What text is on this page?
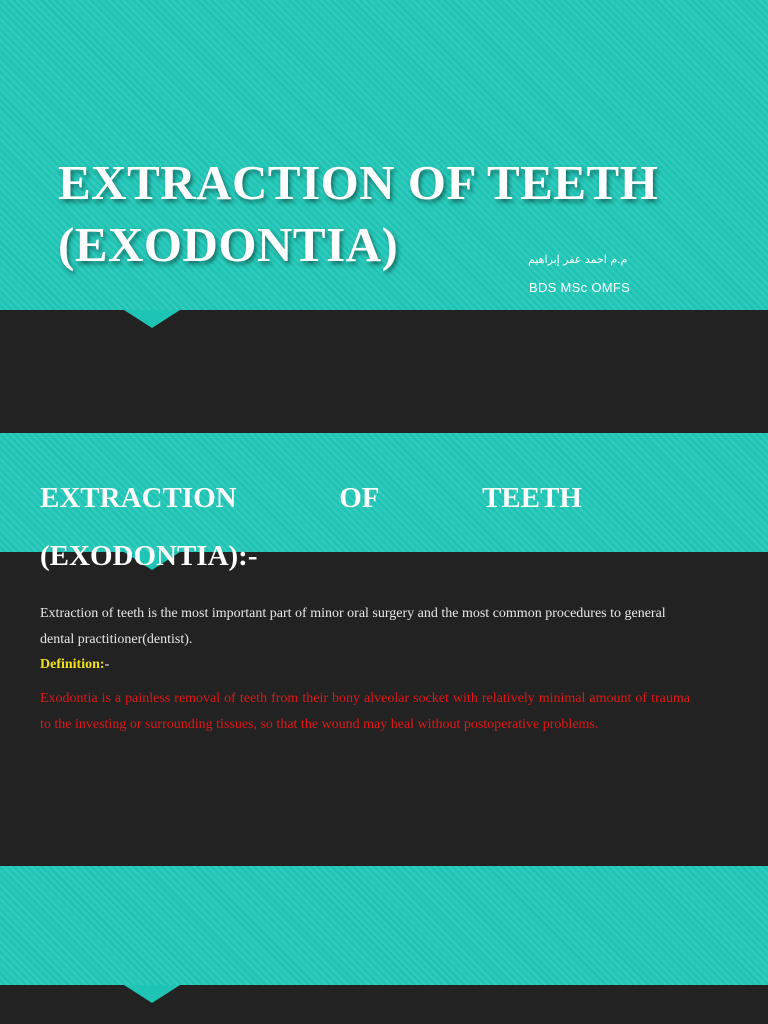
EXTRACTION OF TEETH
(EXODONTIA)	م.م احمد عفر إبراهيم
BDS MSc OMFS
EXTRACTION	OF	TEETH
(EXODONTIA):-

Extraction of teeth is the most important part of minor oral surgery and the most common procedures to general dental practitioner(dentist).

Definition:-

Exodontia is a painless removal of teeth from their bony alveolar socket with relatively minimal amount of trauma to the investing or surrounding tissues, so that the wound may heal without postoperative problems.
